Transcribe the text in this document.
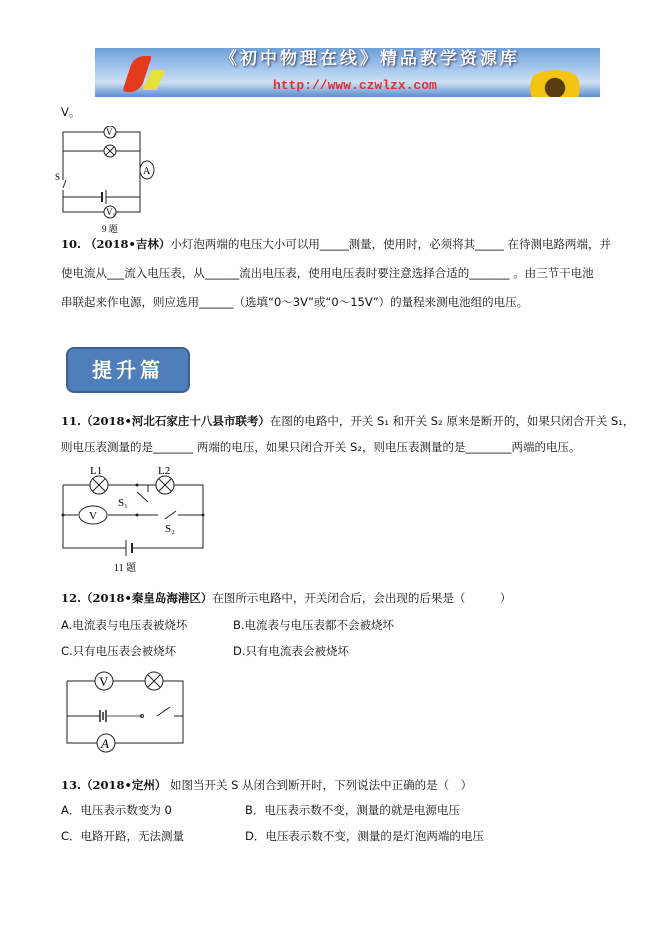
《初中物理在线》精品教学资源库
http://www.czwlzx.com
V。
V₂
A
S
V₁
9 题
10. （2018•吉林）小灯泡两端的电压大小可以用_____测量，使用时，必须将其_____ 在待测电路两端，并
使电流从___流入电压表，从______流出电压表，使用电压表时要注意选择合适的_______ 。由三节干电池
串联起来作电源，则应选用______（选填“0～3V”或“0～15V”）的量程来测电池组的电压。
提升篇
11.（2018•河北石家庄十八县市联考）在图的电路中，开关 S₁ 和开关 S₂ 原来是断开的，如果只闭合开关 S₁，
则电压表测量的是_______ 两端的电压，如果只闭合开关 S₂，则电压表测量的是________两端的电压。
L1	L2
S₁
S₂
V
11 题
12.（2018•秦皇岛海港区）在图所示电路中，开关闭合后，会出现的后果是（　　　）
A.电流表与电压表被烧坏	B.电流表与电压表都不会被烧坏
C.只有电压表会被烧坏	D.只有电流表会被烧坏
V
A
13.（2018•定州） 如图当开关 S 从闭合到断开时，下列说法中正确的是（　）
A．电压表示数变为 0	B．电压表示数不变，测量的就是电源电压
C．电路开路，无法测量	D．电压表示数不变，测量的是灯泡两端的电压
